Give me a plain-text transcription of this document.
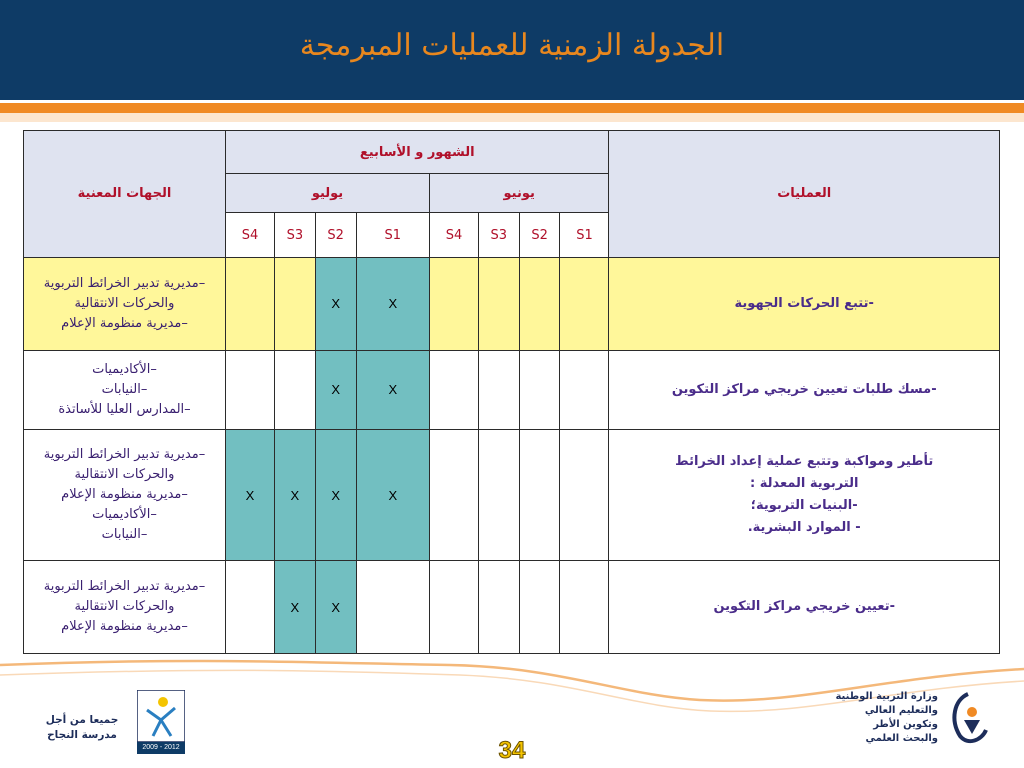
الجدولة الزمنية للعمليات المبرمجة
العمليات	الشهور و الأسابيع								الجهات المعنية
	يونيو				يوليو				
	S1	S2	S3	S4	S1	S2	S3	S4	

-تتبع الحركات الجهوية					X	X			–مديرية تدبير الخرائط التربوية
والحركات الانتقالية
–مديرية منظومة الإعلام

-مسك طلبات تعيين خريجي مراكز التكوين					X	X			–الأكاديميات
–النيابات
–المدارس العليا للأساتذة

تأطير ومواكبة وتتبع عملية إعداد الخرائط
التربوية المعدلة :
-البنيات التربوية؛
- الموارد البشرية.					X	X	X	X	–مديرية تدبير الخرائط التربوية
والحركات الانتقالية
–مديرية منظومة الإعلام
–الأكاديميات
–النيابات

-تعيين خريجي مراكز التكوين						X	X		–مديرية تدبير الخرائط التربوية
والحركات الانتقالية
–مديرية منظومة الإعلام
وزارة التربية الوطنية
والتعليم العالي
وتكوين الأطر
والبحث العلمي
2009 - 2012
جميعا من أجل
مدرسة النجاح
34
